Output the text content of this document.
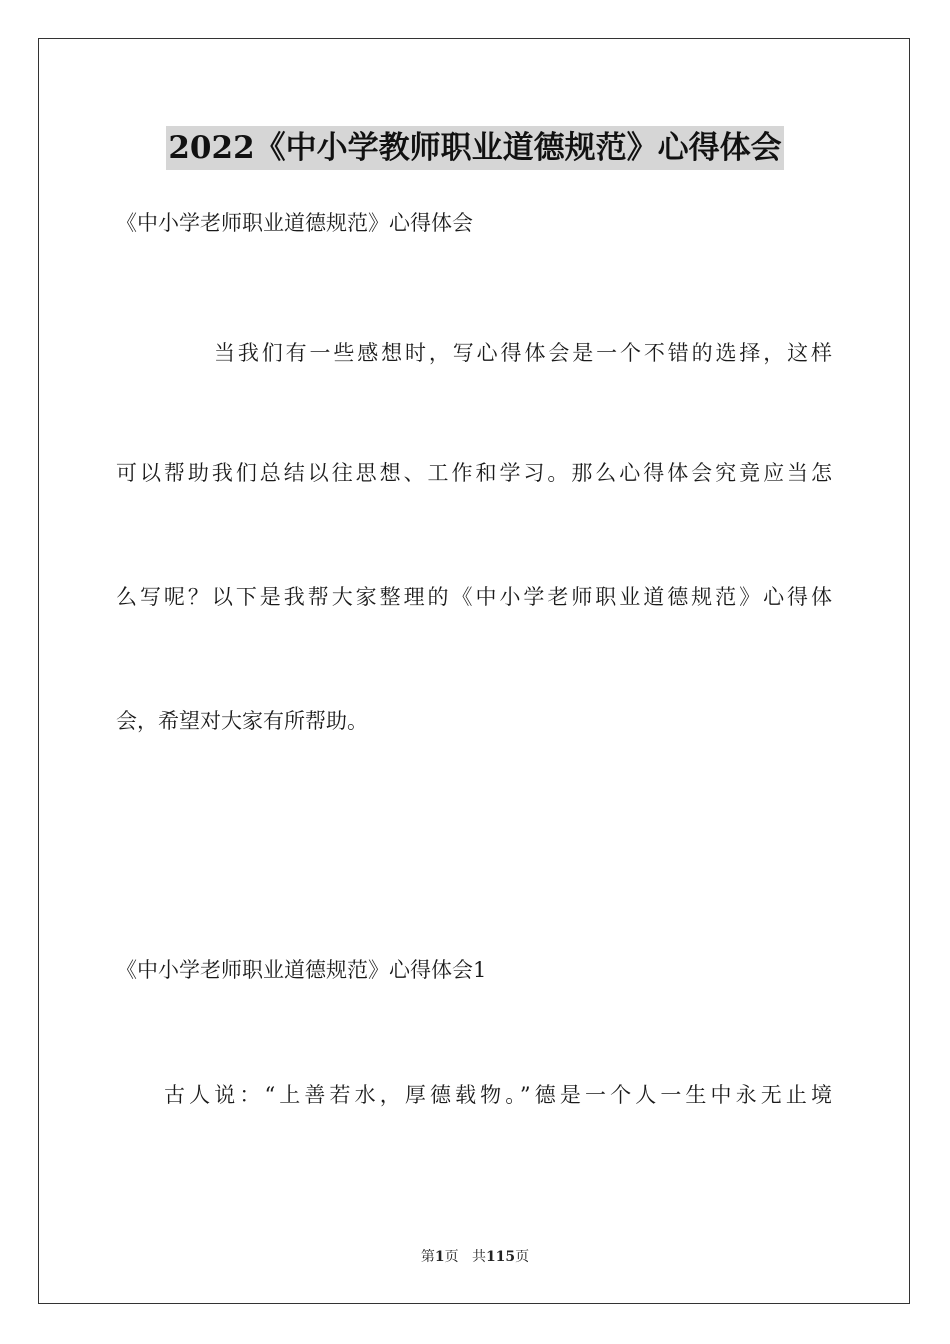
2022《中小学教师职业道德规范》心得体会
《中小学老师职业道德规范》心得体会
当我们有一些感想时，写心得体会是一个不错的选择，这样
可以帮助我们总结以往思想、工作和学习。那么心得体会究竟应当怎
么写呢？以下是我帮大家整理的《中小学老师职业道德规范》心得体
会，希望对大家有所帮助。
《中小学老师职业道德规范》心得体会1
古人说：“上善若水，厚德载物。”德是一个人一生中永无止境
第1页 共115页
